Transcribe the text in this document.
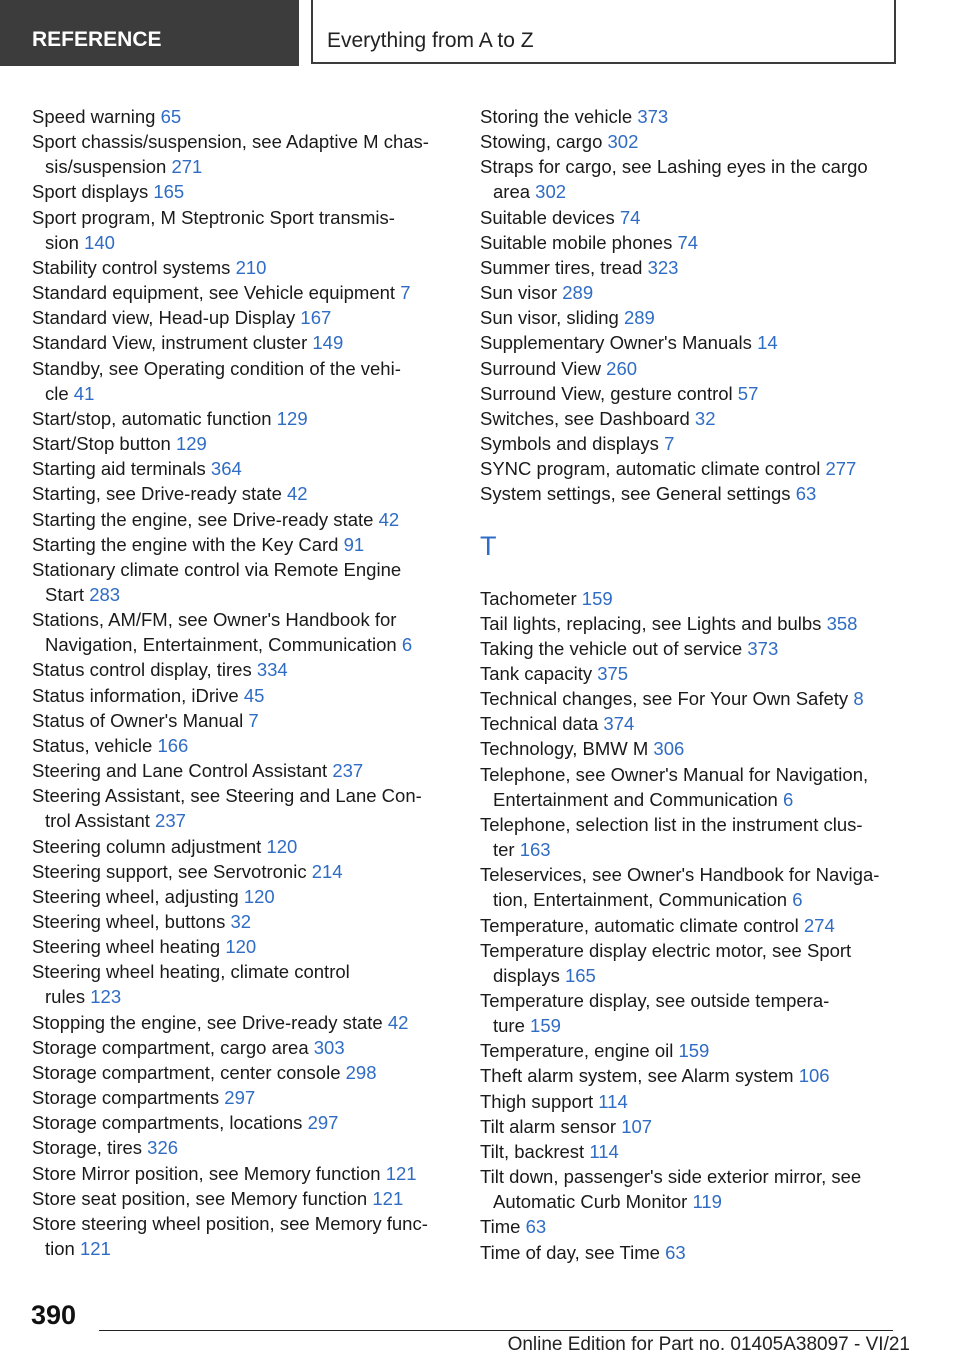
REFERENCE	Everything from A to Z
Speed warning 65
Sport chassis/suspension, see Adaptive M chas‐
sis/suspension 271
Sport displays 165
Sport program, M Steptronic Sport transmis‐
sion 140
Stability control systems 210
Standard equipment, see Vehicle equipment 7
Standard view, Head-up Display 167
Standard View, instrument cluster 149
Standby, see Operating condition of the vehi‐
cle 41
Start/stop, automatic function 129
Start/Stop button 129
Starting aid terminals 364
Starting, see Drive-ready state 42
Starting the engine, see Drive-ready state 42
Starting the engine with the Key Card 91
Stationary climate control via Remote Engine
Start 283
Stations, AM/FM, see Owner's Handbook for
Navigation, Entertainment, Communication 6
Status control display, tires 334
Status information, iDrive 45
Status of Owner's Manual 7
Status, vehicle 166
Steering and Lane Control Assistant 237
Steering Assistant, see Steering and Lane Con‐
trol Assistant 237
Steering column adjustment 120
Steering support, see Servotronic 214
Steering wheel, adjusting 120
Steering wheel, buttons 32
Steering wheel heating 120
Steering wheel heating, climate control
rules 123
Stopping the engine, see Drive-ready state 42
Storage compartment, cargo area 303
Storage compartment, center console 298
Storage compartments 297
Storage compartments, locations 297
Storage, tires 326
Store Mirror position, see Memory function 121
Store seat position, see Memory function 121
Store steering wheel position, see Memory func‐
tion 121
Storing the vehicle 373
Stowing, cargo 302
Straps for cargo, see Lashing eyes in the cargo
area 302
Suitable devices 74
Suitable mobile phones 74
Summer tires, tread 323
Sun visor 289
Sun visor, sliding 289
Supplementary Owner's Manuals 14
Surround View 260
Surround View, gesture control 57
Switches, see Dashboard 32
Symbols and displays 7
SYNC program, automatic climate control 277
System settings, see General settings 63
T
Tachometer 159
Tail lights, replacing, see Lights and bulbs 358
Taking the vehicle out of service 373
Tank capacity 375
Technical changes, see For Your Own Safety 8
Technical data 374
Technology, BMW M 306
Telephone, see Owner's Manual for Navigation,
Entertainment and Communication 6
Telephone, selection list in the instrument clus‐
ter 163
Teleservices, see Owner's Handbook for Naviga‐
tion, Entertainment, Communication 6
Temperature, automatic climate control 274
Temperature display electric motor, see Sport
displays 165
Temperature display, see outside tempera‐
ture 159
Temperature, engine oil 159
Theft alarm system, see Alarm system 106
Thigh support 114
Tilt alarm sensor 107
Tilt, backrest 114
Tilt down, passenger's side exterior mirror, see
Automatic Curb Monitor 119
Time 63
Time of day, see Time 63
390
Online Edition for Part no. 01405A38097 - VI/21
